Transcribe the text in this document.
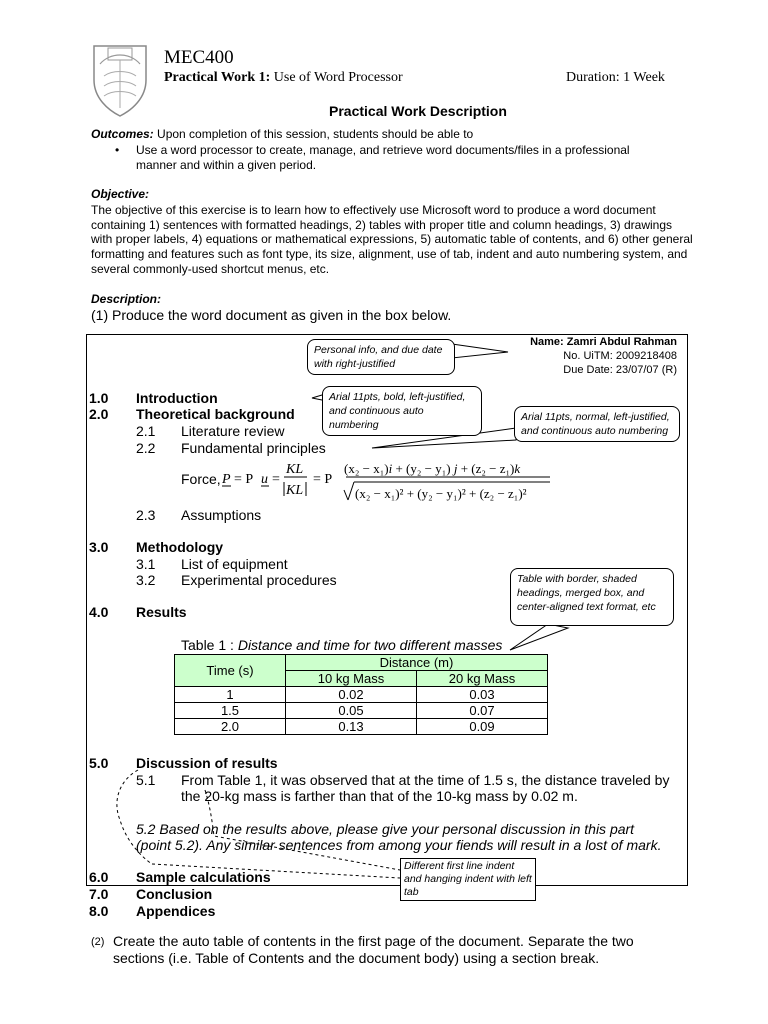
MEC400
Practical Work 1: Use of Word Processor	Duration: 1 Week
Practical Work Description
Outcomes: Upon completion of this session, students should be able to
• Use a word processor to create, manage, and retrieve word documents/files in a professional manner and within a given period.
Objective:
The objective of this exercise is to learn how to effectively use Microsoft word to produce a word document containing 1) sentences with formatted headings, 2) tables with proper title and column headings, 3) drawings with proper labels, 4) equations or mathematical expressions, 5) automatic table of contents, and 6) other general formatting and features such as font type, its size, alignment, use of tab, indent and auto numbering system, and several commonly-used shortcut menus, etc.
Description:
(1) Produce the word document as given in the box below.
Name: Zamri Abdul Rahman
No. UiTM: 2009218408
Due Date: 23/07/07 (R)
1.0 Introduction
2.0 Theoretical background
2.1 Literature review
2.2 Fundamental principles
Force, P = P u =
KL
KL
= P
(x₂ − x₁)i + (y₂ − y₁) j + (z₂ − z₁)k
(x₂ − x₁)² + (y₂ − y₁)² + (z₂ − z₁)²
2.3 Assumptions
3.0 Methodology
3.1 List of equipment
3.2 Experimental procedures
4.0 Results
Table 1 : Distance and time for two different masses
Time (s)	Distance (m)	
	10 kg Mass	20 kg Mass
1	0.02	0.03
1.5	0.05	0.07
2.0	0.13	0.09
5.0 Discussion of results
5.1 From Table 1, it was observed that at the time of 1.5 s, the distance traveled by
the 20-kg mass is farther than that of the 10-kg mass by 0.02 m.
5.2 Based on the results above, please give your personal discussion in this part
(point 5.2). Any similar sentences from among your fiends will result in a lost of mark.
6.0 Sample calculations
7.0 Conclusion
8.0 Appendices
(2) Create the auto table of contents in the first page of the document. Separate the two sections (i.e. Table of Contents and the document body) using a section break.
Personal info, and due date with right-justified
Arial 11pts, bold, left-justified, and continuous auto numbering
Arial 11pts, normal, left-justified, and continuous auto numbering
Table with border, shaded headings, merged box, and center-aligned text format, etc
Different first line indent and hanging indent with left tab
